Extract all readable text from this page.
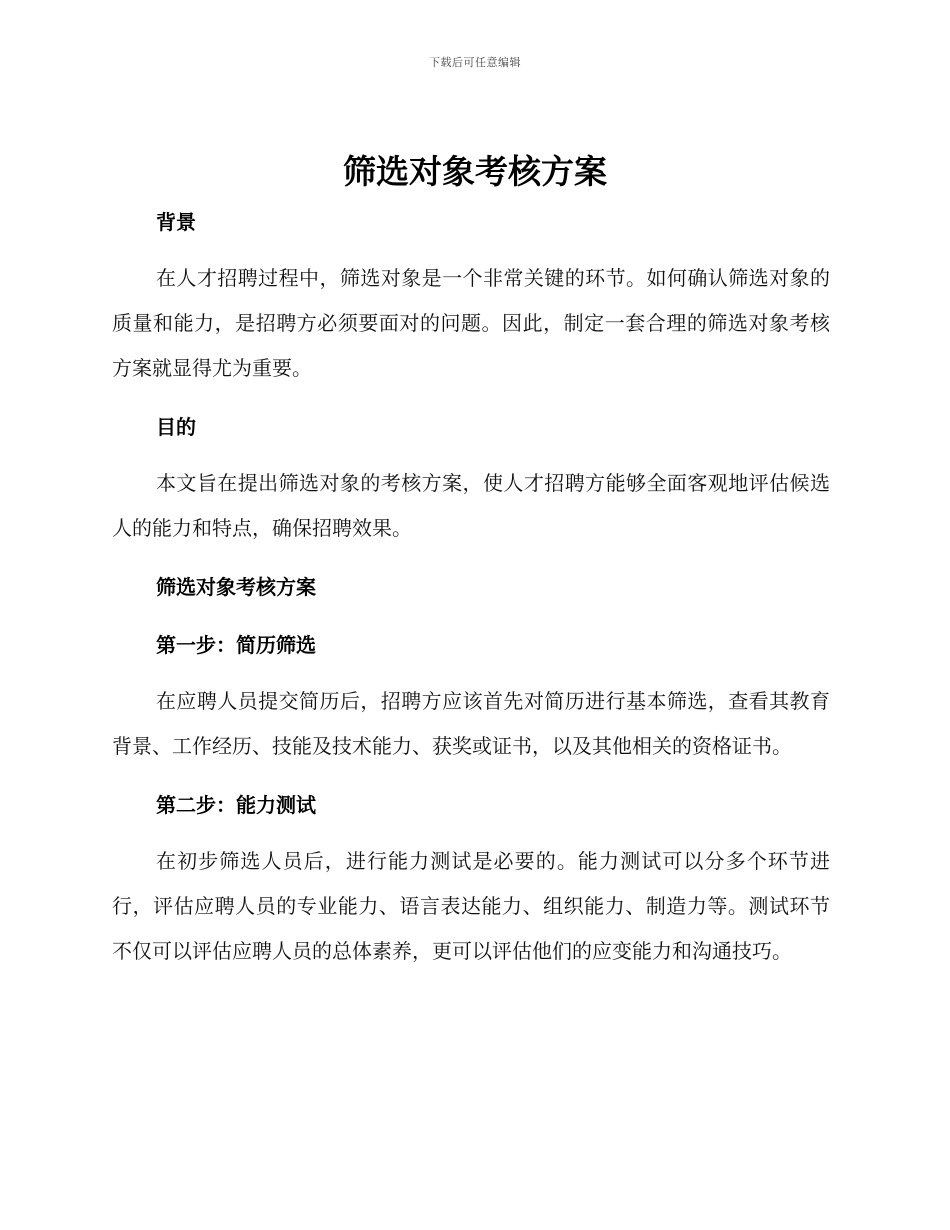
下载后可任意编辑
筛选对象考核方案
背景

在人才招聘过程中，筛选对象是一个非常关键的环节。如何确认筛选对象的质量和能力，是招聘方必须要面对的问题。因此，制定一套合理的筛选对象考核方案就显得尤为重要。

目的

本文旨在提出筛选对象的考核方案，使人才招聘方能够全面客观地评估候选人的能力和特点，确保招聘效果。

筛选对象考核方案
第一步：简历筛选

在应聘人员提交简历后，招聘方应该首先对简历进行基本筛选，查看其教育背景、工作经历、技能及技术能力、获奖或证书，以及其他相关的资格证书。

第二步：能力测试

在初步筛选人员后，进行能力测试是必要的。能力测试可以分多个环节进行，评估应聘人员的专业能力、语言表达能力、组织能力、制造力等。测试环节不仅可以评估应聘人员的总体素养，更可以评估他们的应变能力和沟通技巧。
